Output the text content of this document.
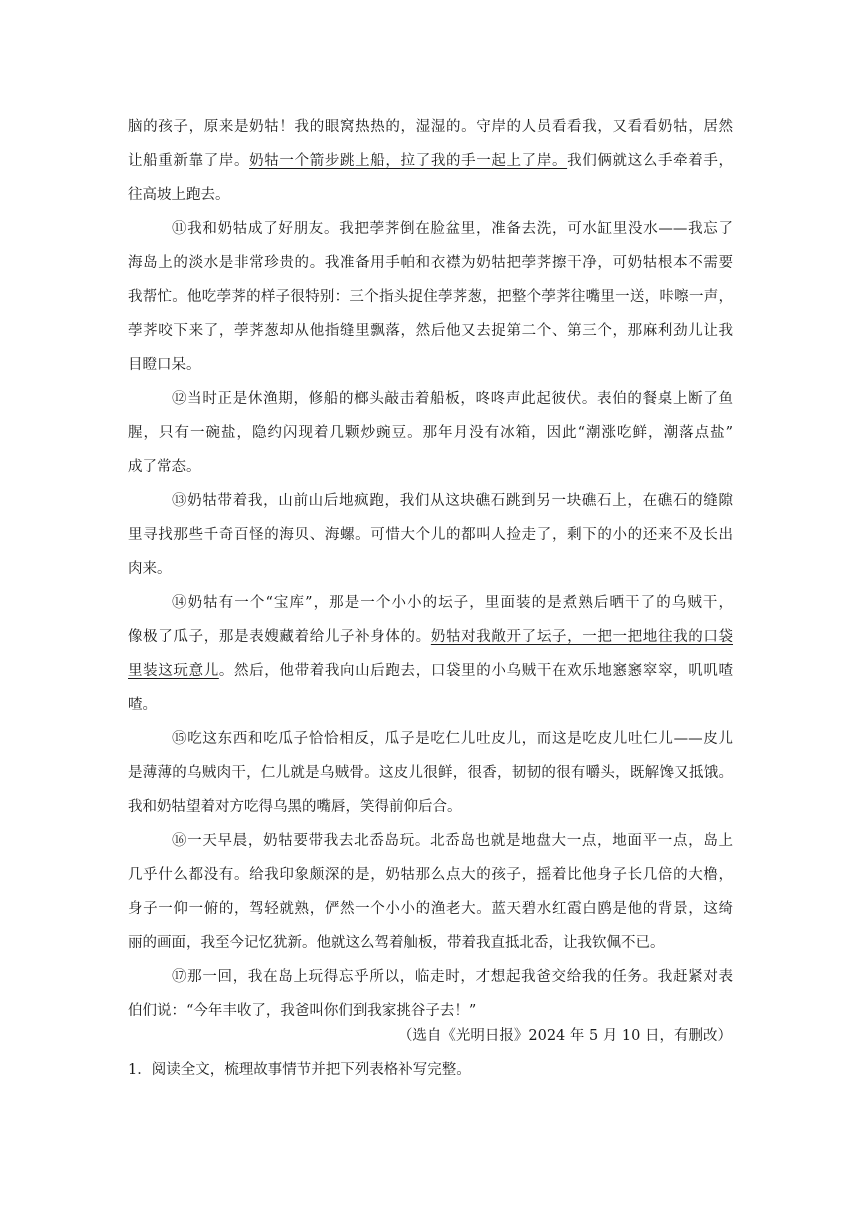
脑的孩子，原来是奶牯！我的眼窝热热的，湿湿的。守岸的人员看看我，又看看奶牯，居然
让船重新靠了岸。奶牯一个箭步跳上船，拉了我的手一起上了岸。我们俩就这么手牵着手，
往高坡上跑去。
⑪我和奶牯成了好朋友。我把荸荠倒在脸盆里，准备去洗，可水缸里没水——我忘了
海岛上的淡水是非常珍贵的。我准备用手帕和衣襟为奶牯把荸荠擦干净，可奶牯根本不需要
我帮忙。他吃荸荠的样子很特别：三个指头捉住荸荠葱，把整个荸荠往嘴里一送，咔嚓一声，
荸荠咬下来了，荸荠葱却从他指缝里飘落，然后他又去捉第二个、第三个，那麻利劲儿让我
目瞪口呆。
⑫当时正是休渔期，修船的榔头敲击着船板，咚咚声此起彼伏。表伯的餐桌上断了鱼
腥，只有一碗盐，隐约闪现着几颗炒豌豆。那年月没有冰箱，因此“潮涨吃鲜，潮落点盐”
成了常态。
⑬奶牯带着我，山前山后地疯跑，我们从这块礁石跳到另一块礁石上，在礁石的缝隙
里寻找那些千奇百怪的海贝、海螺。可惜大个儿的都叫人捡走了，剩下的小的还来不及长出
肉来。
⑭奶牯有一个“宝库”，那是一个小小的坛子，里面装的是煮熟后晒干了的乌贼干，
像极了瓜子，那是表嫂藏着给儿子补身体的。奶牯对我敞开了坛子，一把一把地往我的口袋
里装这玩意儿。然后，他带着我向山后跑去，口袋里的小乌贼干在欢乐地窸窸窣窣，叽叽喳
喳。
⑮吃这东西和吃瓜子恰恰相反，瓜子是吃仁儿吐皮儿，而这是吃皮儿吐仁儿——皮儿
是薄薄的乌贼肉干，仁儿就是乌贼骨。这皮儿很鲜，很香，韧韧的很有嚼头，既解馋又抵饿。
我和奶牯望着对方吃得乌黑的嘴唇，笑得前仰后合。
⑯一天早晨，奶牯要带我去北岙岛玩。北岙岛也就是地盘大一点，地面平一点，岛上
几乎什么都没有。给我印象颇深的是，奶牯那么点大的孩子，摇着比他身子长几倍的大橹，
身子一仰一俯的，驾轻就熟，俨然一个小小的渔老大。蓝天碧水红霞白鸥是他的背景，这绮
丽的画面，我至今记忆犹新。他就这么驾着舢板，带着我直抵北岙，让我钦佩不已。
⑰那一回，我在岛上玩得忘乎所以，临走时，才想起我爸交给我的任务。我赶紧对表
伯们说：“今年丰收了，我爸叫你们到我家挑谷子去！”
（选自《光明日报》2024 年 5 月 10 日，有删改）
1．阅读全文，梳理故事情节并把下列表格补写完整。
